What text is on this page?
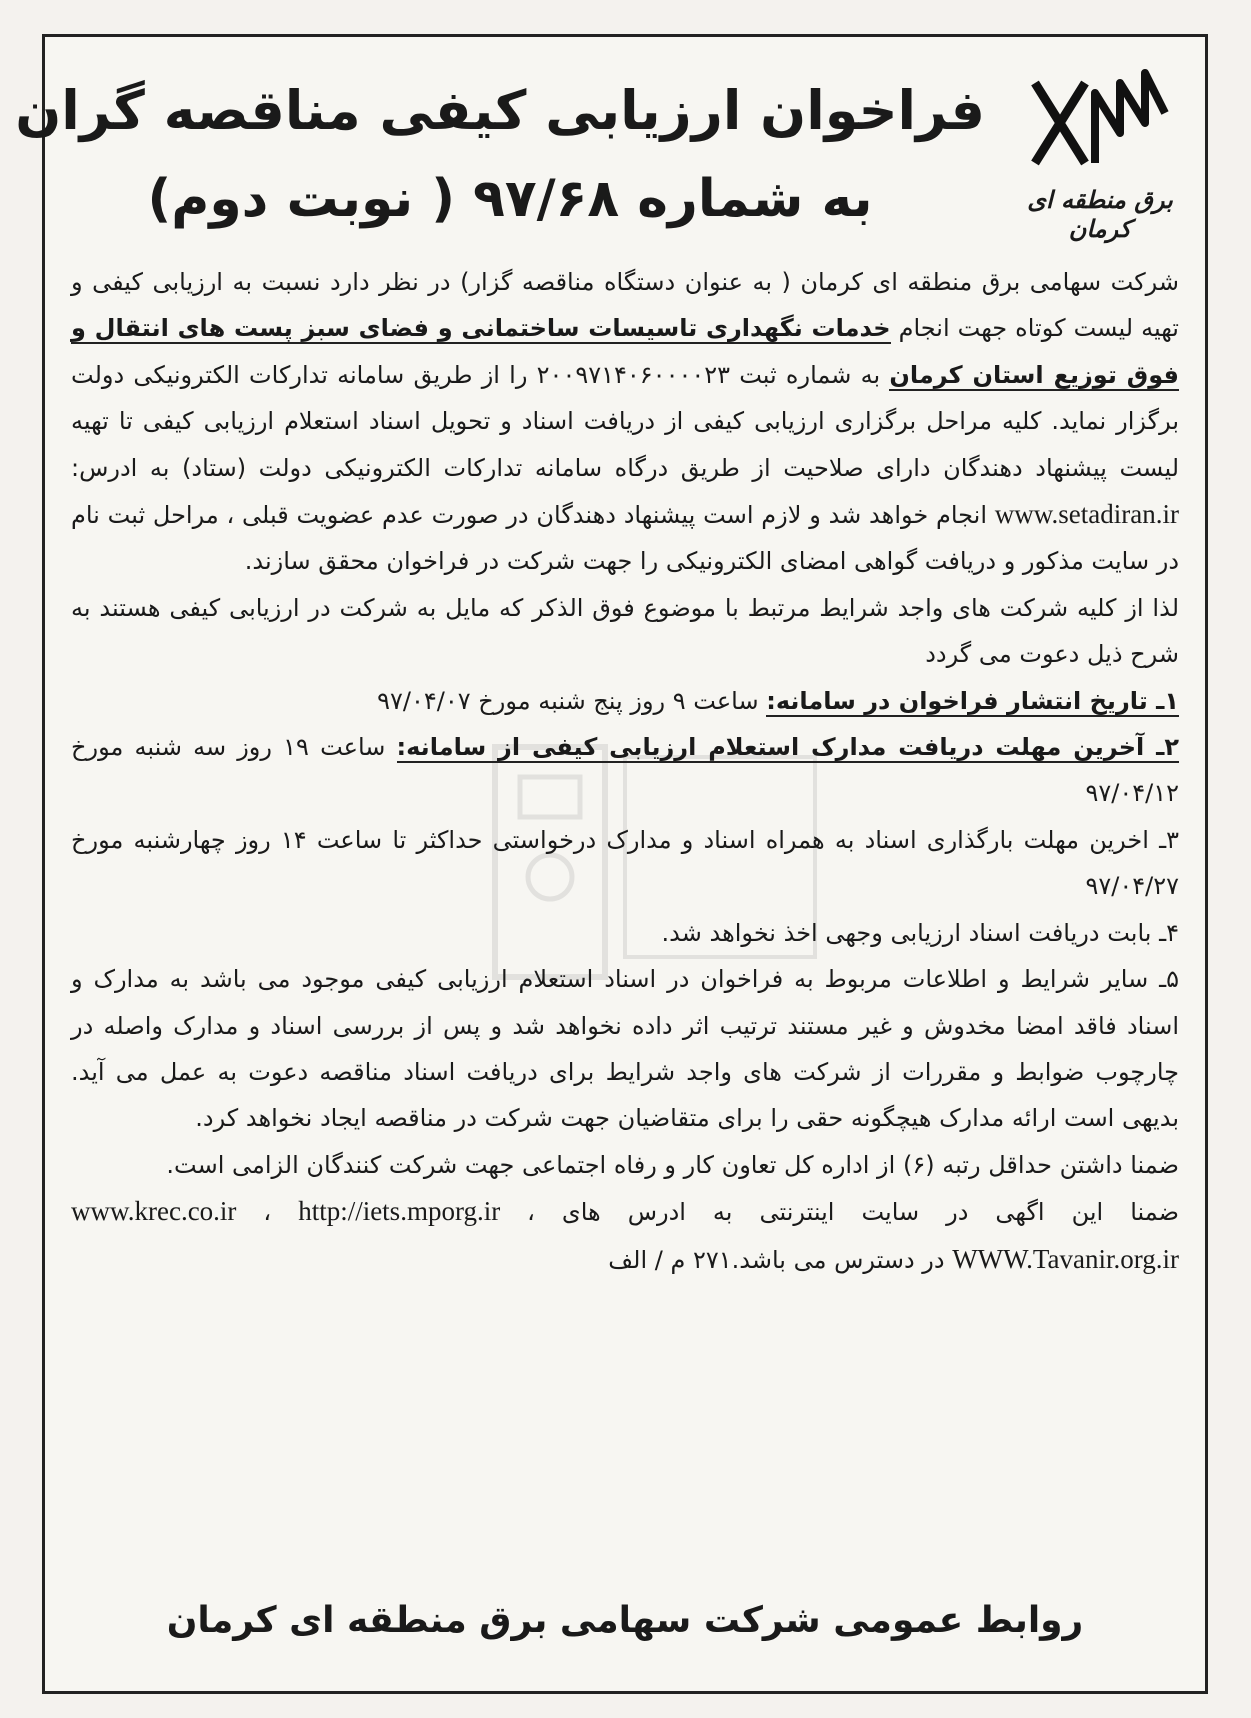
برق منطقه ای کرمان
فراخوان ارزیابی کیفی مناقصه گران
به شماره ۹۷/۶۸ ( نوبت دوم)

شرکت سهامی برق منطقه ای کرمان ( به عنوان دستگاه مناقصه گزار) در نظر دارد نسبت به ارزیابی کیفی و تهیه لیست کوتاه جهت انجام خدمات نگهداری تاسیسات ساختمانی و فضای سبز پست های انتقال و فوق توزیع استان کرمان به شماره ثبت ۲۰۰۹۷۱۴۰۶۰۰۰۰۲۳ را از طریق سامانه تدارکات الکترونیکی دولت برگزار نماید. کلیه مراحل برگزاری ارزیابی کیفی از دریافت اسناد و تحویل اسناد استعلام ارزیابی کیفی تا تهیه لیست پیشنهاد دهندگان دارای صلاحیت از طریق درگاه سامانه تدارکات الکترونیکی دولت (ستاد) به ادرس: www.setadiran.ir انجام خواهد شد و لازم است پیشنهاد دهندگان در صورت عدم عضویت قبلی ، مراحل ثبت نام در سایت مذکور و دریافت گواهی امضای الکترونیکی را جهت شرکت در فراخوان محقق سازند.

لذا از کلیه شرکت های واجد شرایط مرتبط با موضوع فوق الذکر که مایل به شرکت در ارزیابی کیفی هستند به شرح ذیل دعوت می گردد

۱ـ تاریخ انتشار فراخوان در سامانه: ساعت ۹ روز پنج شنبه مورخ ۹۷/۰۴/۰۷

۲ـ آخرین مهلت دریافت مدارک استعلام ارزیابی کیفی از سامانه: ساعت ۱۹ روز سه شنبه مورخ ۹۷/۰۴/۱۲

۳ـ اخرین مهلت بارگذاری اسناد به همراه اسناد و مدارک درخواستی حداکثر تا ساعت ۱۴ روز چهارشنبه مورخ ۹۷/۰۴/۲۷

۴ـ بابت دریافت اسناد ارزیابی وجهی اخذ نخواهد شد.

۵ـ سایر شرایط و اطلاعات مربوط به فراخوان در اسناد استعلام ارزیابی کیفی موجود می باشد به مدارک و اسناد فاقد امضا مخدوش و غیر مستند ترتیب اثر داده نخواهد شد و پس از بررسی اسناد و مدارک واصله در چارچوب ضوابط و مقررات از شرکت های واجد شرایط برای دریافت اسناد مناقصه دعوت به عمل می آید. بدیهی است ارائه مدارک هیچگونه حقی را برای متقاضیان جهت شرکت در مناقصه ایجاد نخواهد کرد.

ضمنا داشتن حداقل رتبه (۶) از اداره کل تعاون کار و رفاه اجتماعی جهت شرکت کنندگان الزامی است.

ضمنا این اگهی در سایت اینترنتی به ادرس های www.krec.co.ir ، http://iets.mporg.ir ، WWW.Tavanir.org.ir در دسترس می باشد.۲۷۱ م / الف

روابط عمومی شرکت سهامی برق منطقه ای کرمان
